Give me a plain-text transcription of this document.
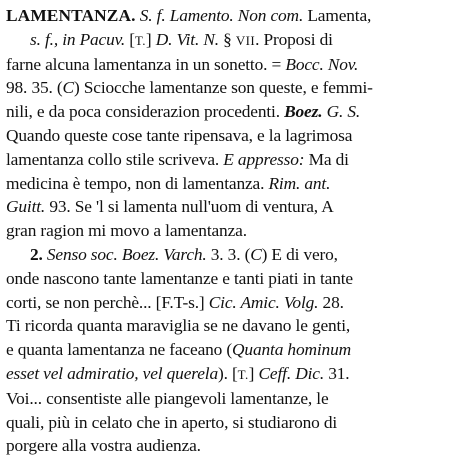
LAMENTANZA. S. f. Lamento. Non com. Lamenta,
s. f., in Pacuv. [T.] D. Vit. N. § VII. Proposi di
farne alcuna lamentanza in un sonetto. = Bocc. Nov.
98. 35. (C) Sciocche lamentanze son queste, e femmi-
nili, e da poca considerazion procedenti. Boez. G. S.
Quando queste cose tante ripensava, e la lagrimosa
lamentanza collo stile scriveva. E appresso: Ma di
medicina è tempo, non di lamentanza. Rim. ant.
Guitt. 93. Se 'l si lamenta null'uom di ventura, A
gran ragion mi movo a lamentanza.
2. Senso soc. Boez. Varch. 3. 3. (C) E di vero,
onde nascono tante lamentanze e tanti piati in tante
corti, se non perchè... [F.T-s.] Cic. Amic. Volg. 28.
Ti ricorda quanta maraviglia se ne davano le genti,
e quanta lamentanza ne faceano (Quanta hominum
esset vel admiratio, vel querela). [T.] Ceff. Dic. 31.
Voi... consentiste alle piangevoli lamentanze, le
quali, più in celato che in aperto, si studiarono di
porgere alla vostra audienza.
